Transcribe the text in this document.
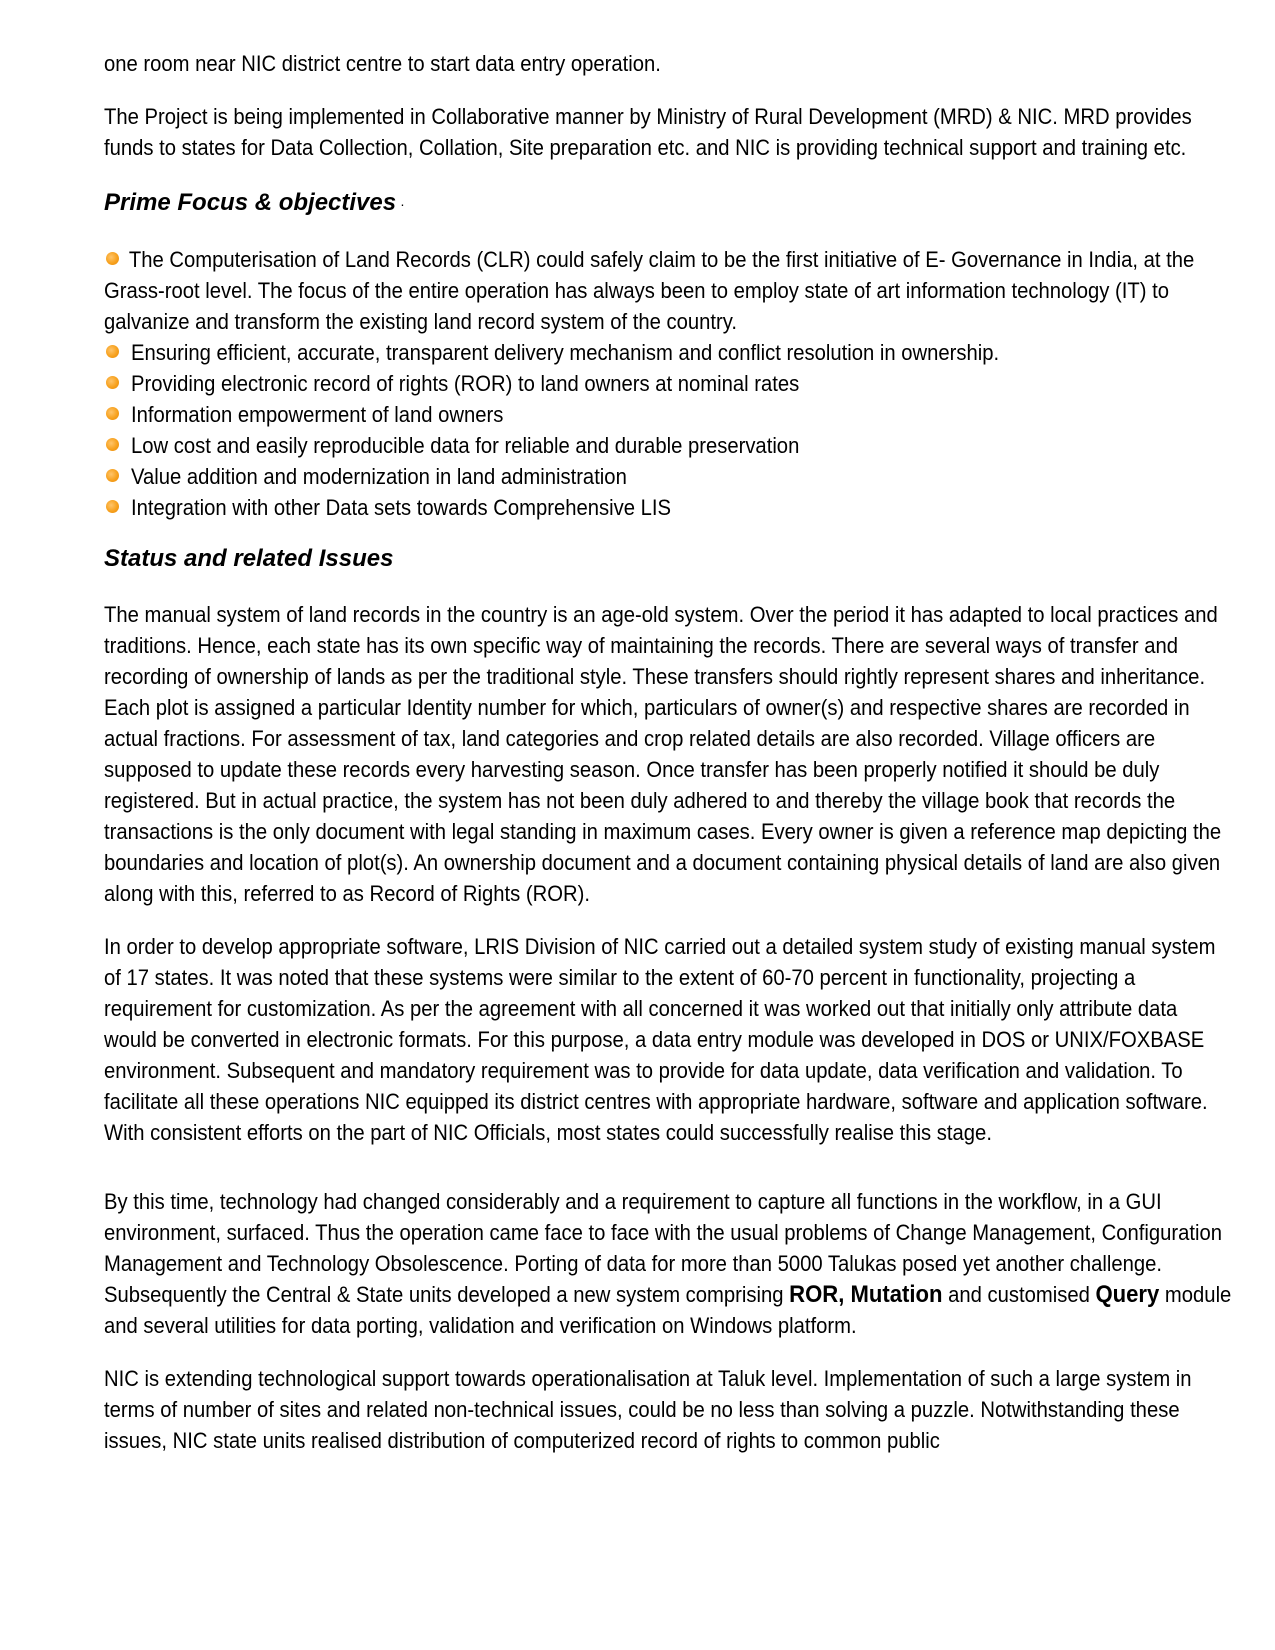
one room near NIC district centre to start data entry operation.

The Project is being implemented in Collaborative manner by Ministry of Rural Development (MRD) & NIC. MRD provides funds to states for Data Collection, Collation, Site preparation etc. and NIC is providing technical support and training etc.

Prime Focus & objectives ·
The Computerisation of Land Records (CLR) could safely claim to be the first initiative of E- Governance in India, at the Grass-root level. The focus of the entire operation has always been to employ state of art information technology (IT) to galvanize and transform the existing land record system of the country.
Ensuring efficient, accurate, transparent delivery mechanism and conflict resolution in ownership.
Providing electronic record of rights (ROR) to land owners at nominal rates
Information empowerment of land owners
Low cost and easily reproducible data for reliable and durable preservation
Value addition and modernization in land administration
Integration with other Data sets towards Comprehensive LIS
Status and related Issues

The manual system of land records in the country is an age-old system. Over the period it has adapted to local practices and traditions. Hence, each state has its own specific way of maintaining the records. There are several ways of transfer and recording of ownership of lands as per the traditional style. These transfers should rightly represent shares and inheritance. Each plot is assigned a particular Identity number for which, particulars of owner(s) and respective shares are recorded in actual fractions. For assessment of tax, land categories and crop related details are also recorded. Village officers are supposed to update these records every harvesting season. Once transfer has been properly notified it should be duly registered. But in actual practice, the system has not been duly adhered to and thereby the village book that records the transactions is the only document with legal standing in maximum cases. Every owner is given a reference map depicting the boundaries and location of plot(s). An ownership document and a document containing physical details of land are also given along with this, referred to as Record of Rights (ROR).

In order to develop appropriate software, LRIS Division of NIC carried out a detailed system study of existing manual system of 17 states. It was noted that these systems were similar to the extent of 60-70 percent in functionality, projecting a requirement for customization. As per the agreement with all concerned it was worked out that initially only attribute data would be converted in electronic formats. For this purpose, a data entry module was developed in DOS or UNIX/FOXBASE environment. Subsequent and mandatory requirement was to provide for data update, data verification and validation. To facilitate all these operations NIC equipped its district centres with appropriate hardware, software and application software. With consistent efforts on the part of NIC Officials, most states could successfully realise this stage.

By this time, technology had changed considerably and a requirement to capture all functions in the workflow, in a GUI environment, surfaced. Thus the operation came face to face with the usual problems of Change Management, Configuration Management and Technology Obsolescence. Porting of data for more than 5000 Talukas posed yet another challenge. Subsequently the Central & State units developed a new system comprising ROR, Mutation and customised Query module and several utilities for data porting, validation and verification on Windows platform.

NIC is extending technological support towards operationalisation at Taluk level. Implementation of such a large system in terms of number of sites and related non-technical issues, could be no less than solving a puzzle. Notwithstanding these issues, NIC state units realised distribution of computerized record of rights to common public
